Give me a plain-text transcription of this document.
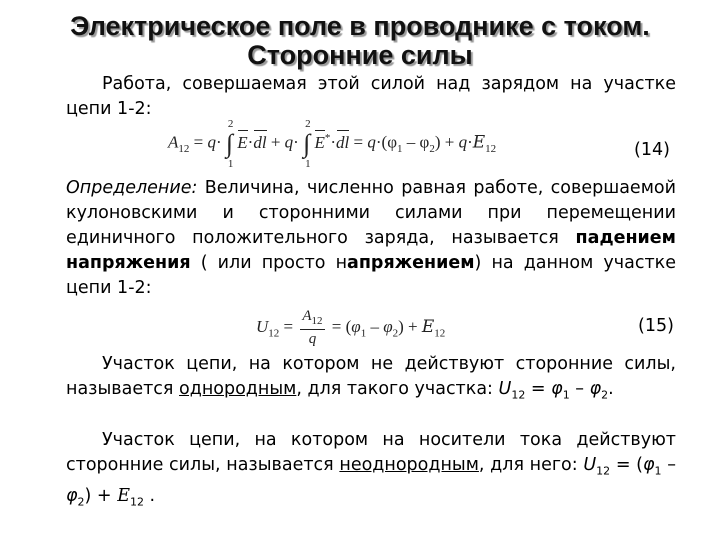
Электрическое поле в проводнике с током.
Сторонние силы
Работа, совершаемая этой силой над зарядом на участке цепи 1-2:
$A_{12} = q\cdot$ ∫
2
1
E·dl + q· ∫
2
1
$E^*\cdot dl = q\cdot(\varphi_1 - \varphi_2) + q\cdot E_{12}$	(14)
Определение: Величина, численно равная работе, совершаемой кулоновскими и сторонними силами при перемещении единичного положительного заряда, называется падением напряжения ( или просто напряжением) на данном участке цепи 1-2:
$U_{12} = \frac{A_{12}}{q} = (\varphi_1 - \varphi_2) + E_{12}$	(15)
Участок цепи, на котором не действуют сторонние силы, называется однородным, для такого участка: $U_{12} = \varphi_1 - \varphi_2$.
Участок цепи, на котором на носители тока действуют сторонние силы, называется неоднородным, для него: $U_{12} = (\varphi_1 - \varphi_2) + E_{12}$ .
